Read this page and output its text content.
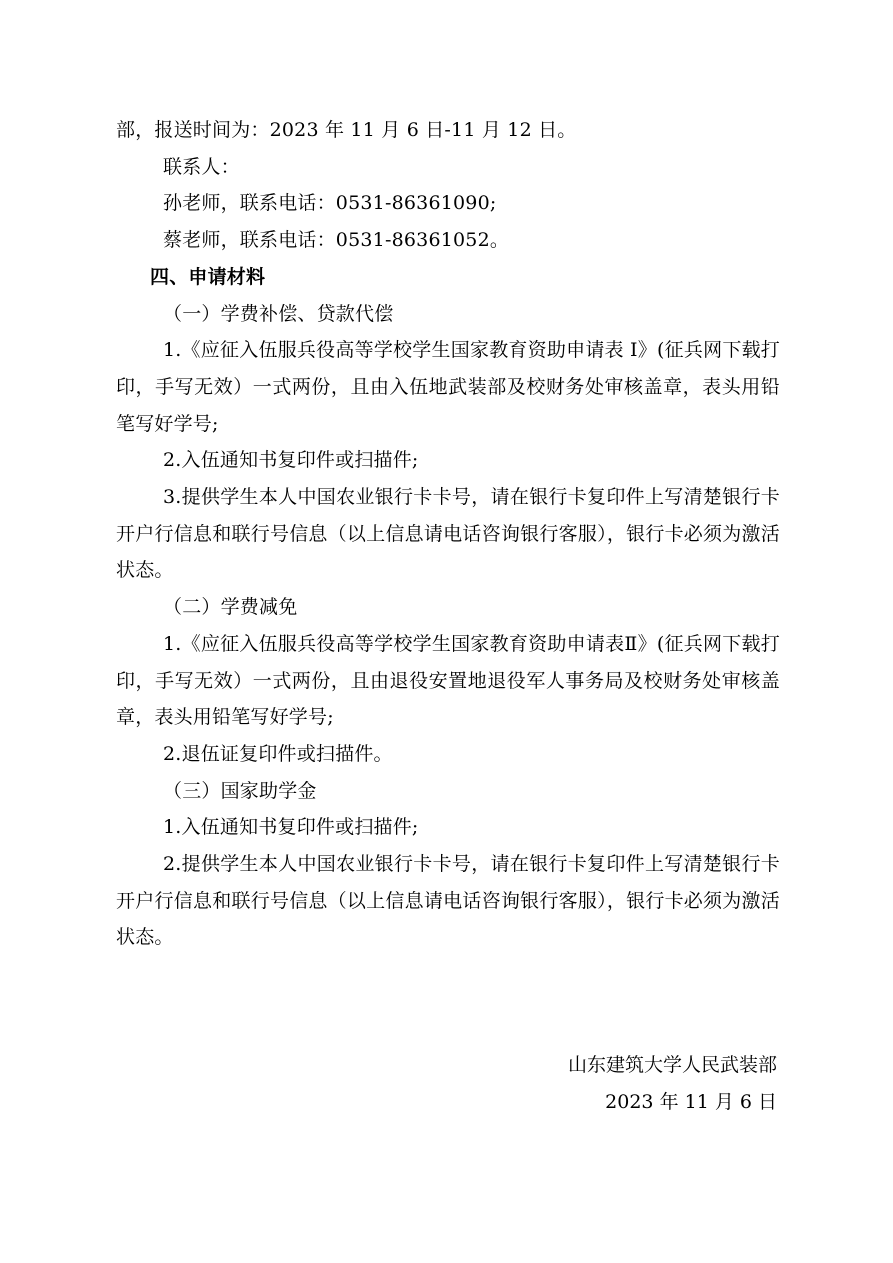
部，报送时间为：2023 年 11 月 6 日-11 月 12 日。
联系人：
孙老师，联系电话：0531-86361090;
蔡老师，联系电话：0531-86361052。
四、申请材料
（一）学费补偿、贷款代偿
1.《应征入伍服兵役高等学校学生国家教育资助申请表 I》(征兵网下载打印，手写无效）一式两份，且由入伍地武装部及校财务处审核盖章，表头用铅笔写好学号;
2.入伍通知书复印件或扫描件;
3.提供学生本人中国农业银行卡卡号，请在银行卡复印件上写清楚银行卡开户行信息和联行号信息（以上信息请电话咨询银行客服），银行卡必须为激活状态。
（二）学费减免
1.《应征入伍服兵役高等学校学生国家教育资助申请表Ⅱ》(征兵网下载打印，手写无效）一式两份，且由退役安置地退役军人事务局及校财务处审核盖章，表头用铅笔写好学号;
2.退伍证复印件或扫描件。
（三）国家助学金
1.入伍通知书复印件或扫描件;
2.提供学生本人中国农业银行卡卡号，请在银行卡复印件上写清楚银行卡开户行信息和联行号信息（以上信息请电话咨询银行客服），银行卡必须为激活状态。
山东建筑大学人民武装部
2023 年 11 月 6 日
